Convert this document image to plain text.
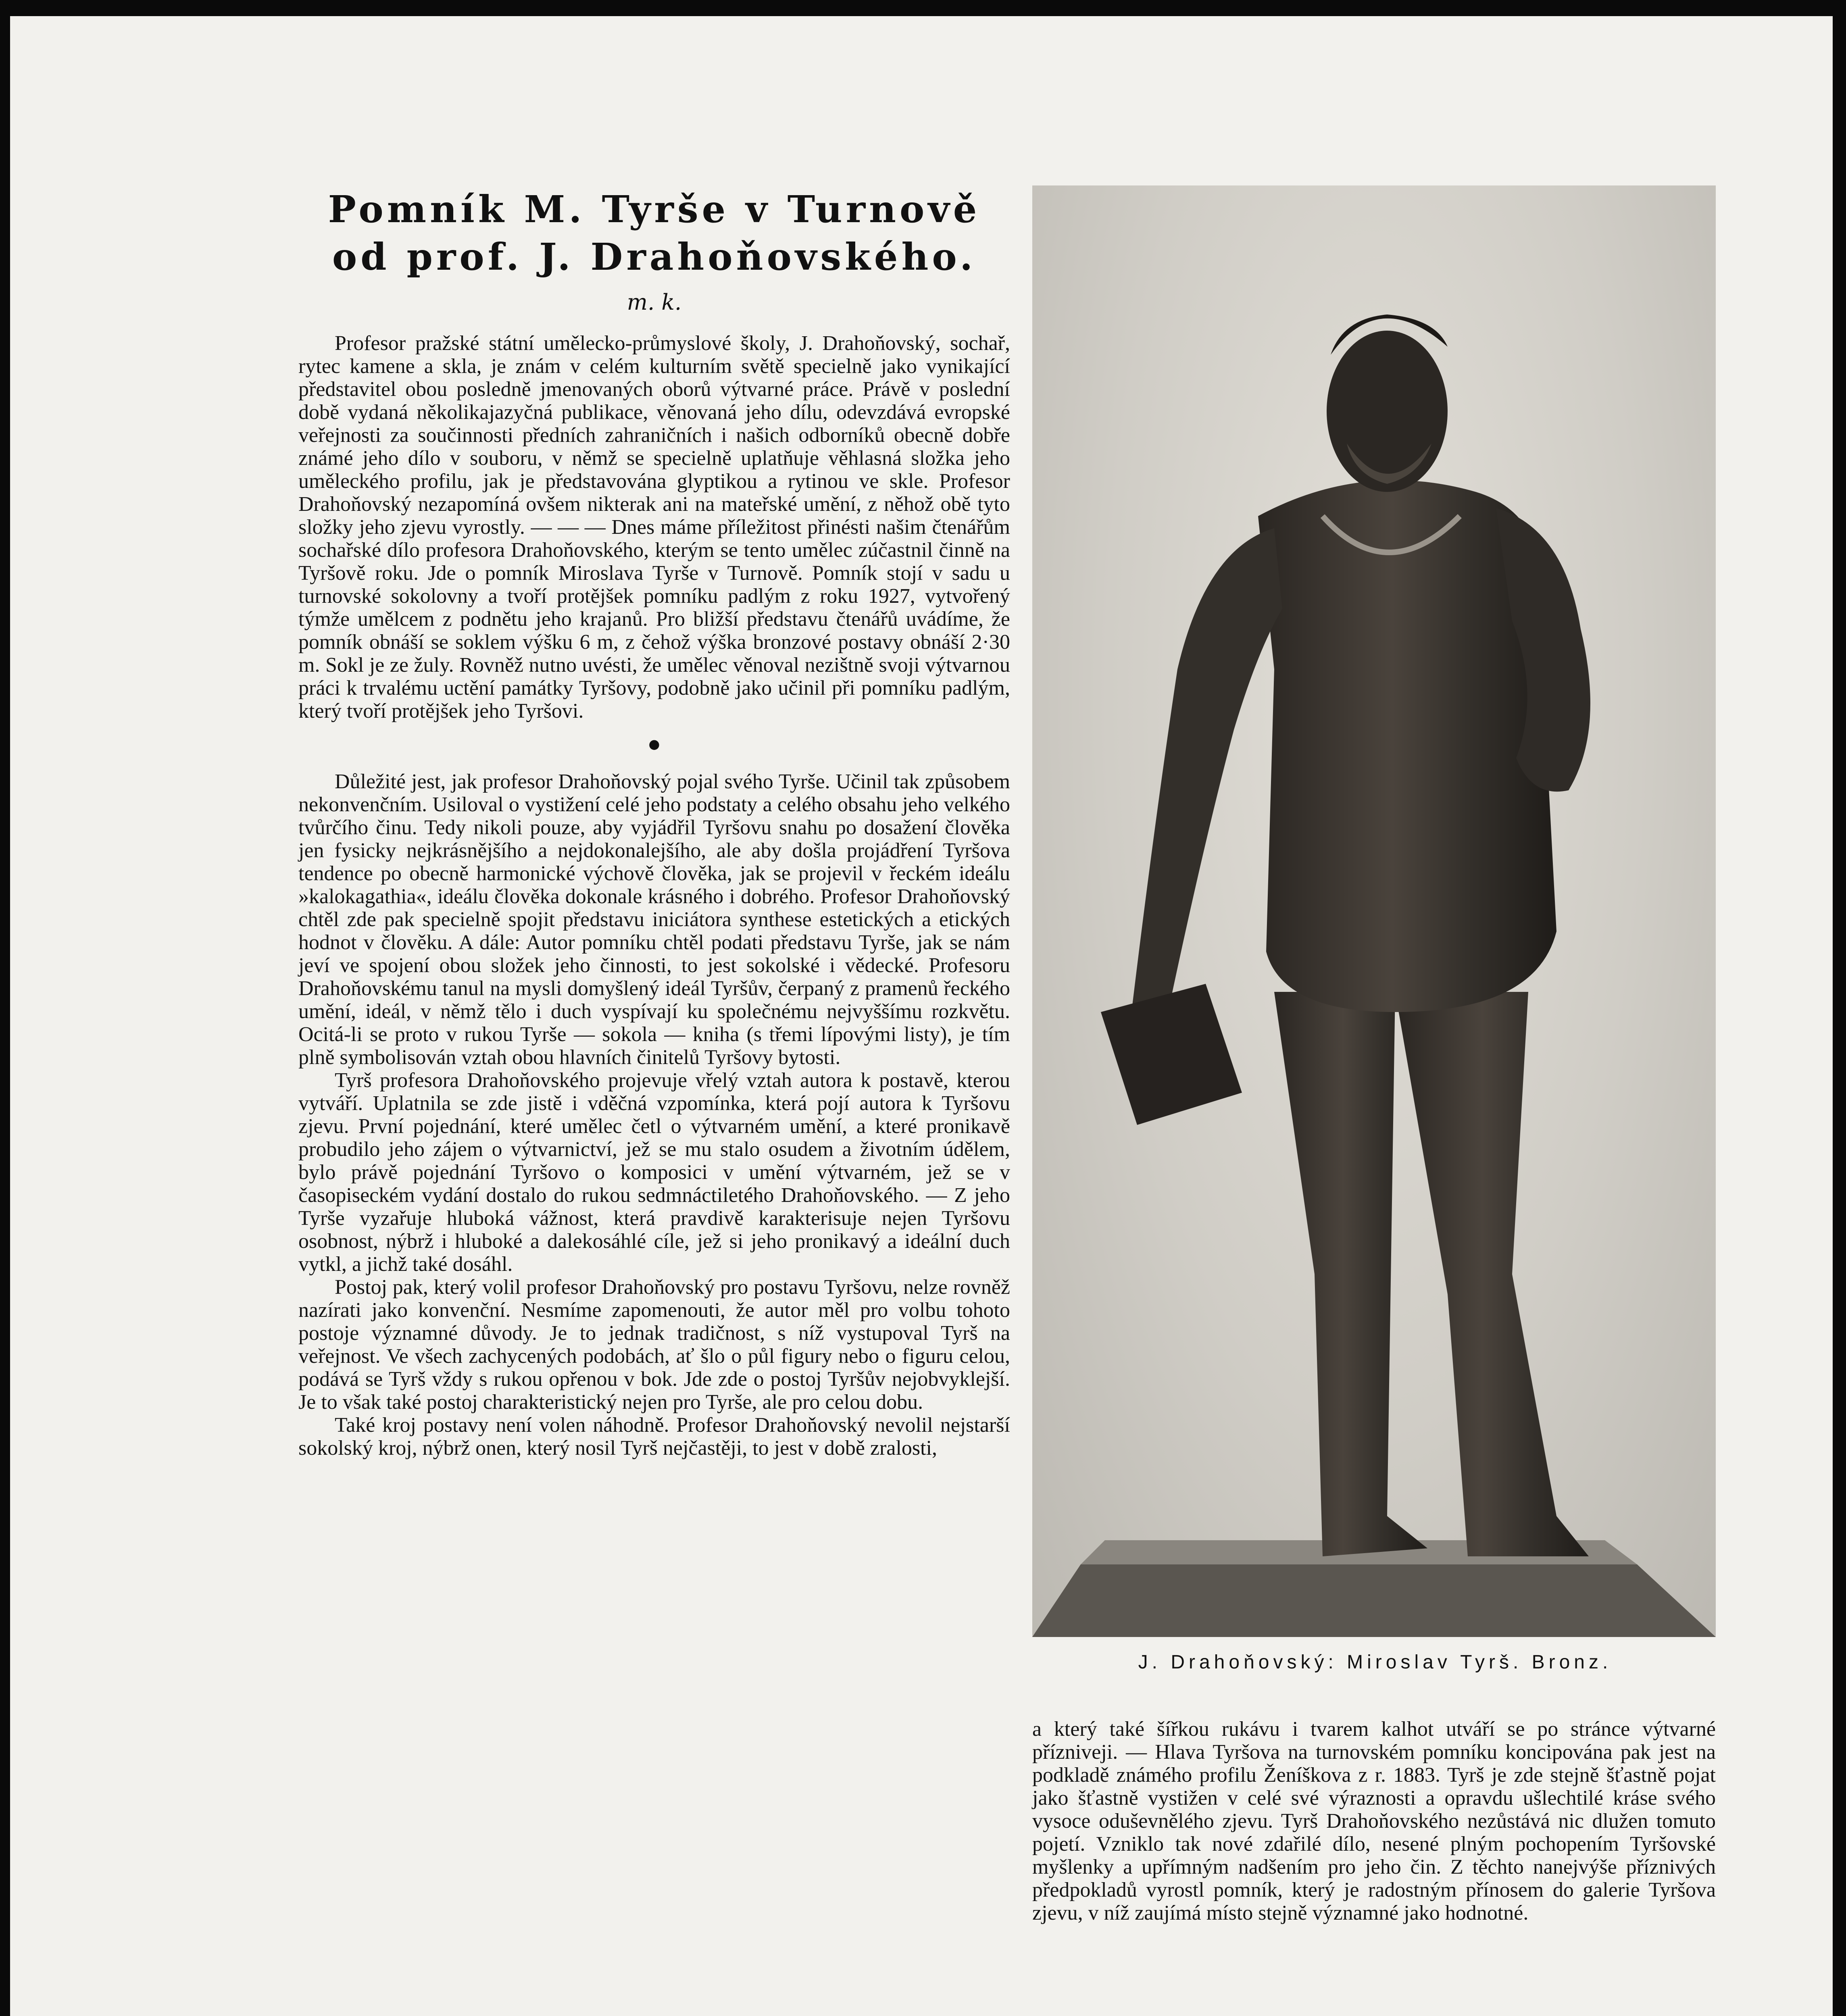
Pomník M. Tyrše v Turnově
od prof. J. Drahoňovského.
m. k.

Profesor pražské státní umělecko-průmyslové školy, J. Drahoňovský, sochař, rytec kamene a skla, je znám v celém kulturním světě specielně jako vynikající představitel obou posledně jmenovaných oborů výtvarné práce. Právě v poslední době vydaná několikajazyčná publikace, věnovaná jeho dílu, odevzdává evropské veřejnosti za součinnosti předních zahraničních i našich odborníků obecně dobře známé jeho dílo v souboru, v němž se specielně uplatňuje věhlasná složka jeho uměleckého profilu, jak je představována glyptikou a rytinou ve skle. Profesor Drahoňovský nezapomíná ovšem nikterak ani na mateřské umění, z něhož obě tyto složky jeho zjevu vyrostly. — — — Dnes máme příležitost přinésti našim čtenářům sochařské dílo profesora Drahoňovského, kterým se tento umělec zúčastnil činně na Tyršově roku. Jde o pomník Miroslava Tyrše v Turnově. Pomník stojí v sadu u turnovské sokolovny a tvoří protějšek pomníku padlým z roku 1927, vytvořený týmže umělcem z podnětu jeho krajanů. Pro bližší představu čtenářů uvádíme, že pomník obnáší se soklem výšku 6 m, z čehož výška bronzové postavy obnáší 2·30 m. Sokl je ze žuly. Rovněž nutno uvésti, že umělec věnoval nezištně svoji výtvarnou práci k trvalému uctění památky Tyršovy, podobně jako učinil při pomníku padlým, který tvoří protějšek jeho Tyršovi.

●

Důležité jest, jak profesor Drahoňovský pojal svého Tyrše. Učinil tak způsobem nekonvenčním. Usiloval o vystižení celé jeho podstaty a celého obsahu jeho velkého tvůrčího činu. Tedy nikoli pouze, aby vyjádřil Tyršovu snahu po dosažení člověka jen fysicky nejkrásnějšího a nejdokonalejšího, ale aby došla projádření Tyršova tendence po obecně harmonické výchově člověka, jak se projevil v řeckém ideálu »kalokagathia«, ideálu člověka dokonale krásného i dobrého. Profesor Drahoňovský chtěl zde pak specielně spojit představu iniciátora synthese estetických a etických hodnot v člověku. A dále: Autor pomníku chtěl podati představu Tyrše, jak se nám jeví ve spojení obou složek jeho činnosti, to jest sokolské i vědecké. Profesoru Drahoňovskému tanul na mysli domyšlený ideál Tyršův, čerpaný z pramenů řeckého umění, ideál, v němž tělo i duch vyspívají ku společnému nejvyššímu rozkvětu. Ocitá-li se proto v rukou Tyrše — sokola — kniha (s třemi lípovými listy), je tím plně symbolisován vztah obou hlavních činitelů Tyršovy bytosti.

Tyrš profesora Drahoňovského projevuje vřelý vztah autora k postavě, kterou vytváří. Uplatnila se zde jistě i vděčná vzpomínka, která pojí autora k Tyršovu zjevu. První pojednání, které umělec četl o výtvarném umění, a které pronikavě probudilo jeho zájem o výtvarnictví, jež se mu stalo osudem a životním údělem, bylo právě pojednání Tyršovo o komposici v umění výtvarném, jež se v časopiseckém vydání dostalo do rukou sedmnáctiletého Drahoňovského. — Z jeho Tyrše vyzařuje hluboká vážnost, která pravdivě karakterisuje nejen Tyršovu osobnost, nýbrž i hluboké a dalekosáhlé cíle, jež si jeho pronikavý a ideální duch vytkl, a jichž také dosáhl.

Postoj pak, který volil profesor Drahoňovský pro postavu Tyršovu, nelze rovněž nazírati jako konvenční. Nesmíme zapomenouti, že autor měl pro volbu tohoto postoje významné důvody. Je to jednak tradičnost, s níž vystupoval Tyrš na veřejnost. Ve všech zachycených podobách, ať šlo o půl figury nebo o figuru celou, podává se Tyrš vždy s rukou opřenou v bok. Jde zde o postoj Tyršův nejobvyklejší. Je to však také postoj charakteristický nejen pro Tyrše, ale pro celou dobu.

Také kroj postavy není volen náhodně. Profesor Drahoňovský nevolil nejstarší sokolský kroj, nýbrž onen, který nosil Tyrš nejčastěji, to jest v době zralosti,

J. Drahoňovský: Miroslav Tyrš. Bronz.

a který také šířkou rukávu i tvarem kalhot utváří se po stránce výtvarné přízniveji. — Hlava Tyršova na turnovském pomníku koncipována pak jest na podkladě známého profilu Ženíškova z r. 1883. Tyrš je zde stejně šťastně pojat jako šťastně vystižen v celé své výraznosti a opravdu ušlechtilé kráse svého vysoce oduševnělého zjevu. Tyrš Drahoňovského nezůstává nic dlužen tomuto pojetí. Vzniklo tak nové zdařilé dílo, nesené plným pochopením Tyršovské myšlenky a upřímným nadšením pro jeho čin. Z těchto nanejvýše příznivých předpokladů vyrostl pomník, který je radostným přínosem do galerie Tyršova zjevu, v níž zaujímá místo stejně významné jako hodnotné.
